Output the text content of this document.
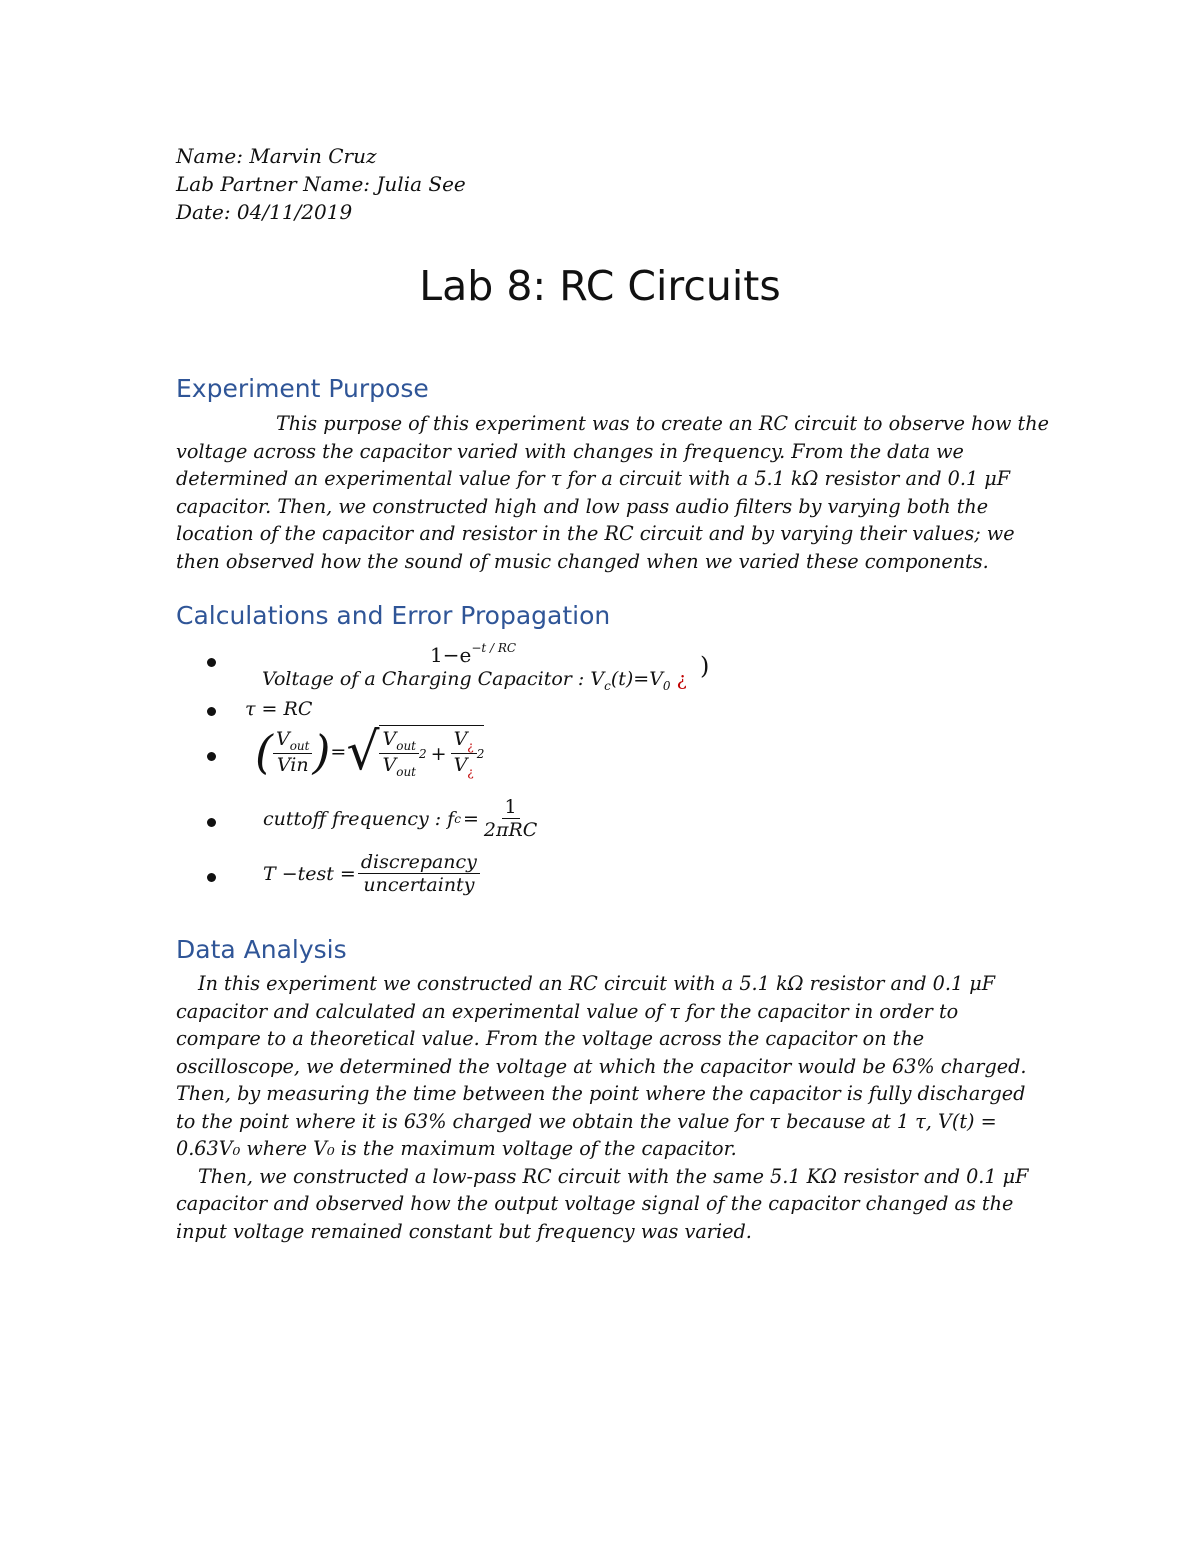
Name: Marvin Cruz
Lab Partner Name: Julia See
Date: 04/11/2019
Lab 8: RC Circuits
Experiment Purpose
This purpose of this experiment was to create an RC circuit to observe how the
voltage across the capacitor varied with changes in frequency. From the data we
determined an experimental value for τ for a circuit with a 5.1 kΩ resistor and 0.1 μF
capacitor. Then, we constructed high and low pass audio filters by varying both the
location of the capacitor and resistor in the RC circuit and by varying their values; we
then observed how the sound of music changed when we varied these components.
Calculations and Error Propagation
$1-e^{-t / RC}$
Voltage of a Charging Capacitor : $V_c(t)=V_0$ ¿ )
τ = RC
( $\frac{V_{out}}{\text{Vin}}$ ) = √ $\frac{V_{out}}{V_{out}} 2 + \frac{V_¿}{V_¿} 2$
cuttoff frequency : f $c = \frac{1}{\text{2πRC}}$
T −test = $\frac{\text{discrepancy}}{\text{uncertainty}}$
Data Analysis
In this experiment we constructed an RC circuit with a 5.1 kΩ resistor and 0.1 μF
capacitor and calculated an experimental value of τ for the capacitor in order to
compare to a theoretical value. From the voltage across the capacitor on the
oscilloscope, we determined the voltage at which the capacitor would be 63% charged.
Then, by measuring the time between the point where the capacitor is fully discharged
to the point where it is 63% charged we obtain the value for τ because at 1 τ, V(t) =
0.63V₀ where V₀ is the maximum voltage of the capacitor.
Then, we constructed a low-pass RC circuit with the same 5.1 KΩ resistor and 0.1 μF
capacitor and observed how the output voltage signal of the capacitor changed as the
input voltage remained constant but frequency was varied.
